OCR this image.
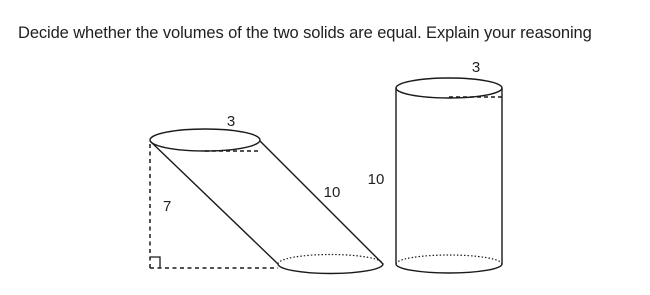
Decide whether the volumes of the two solids are equal. Explain your reasoning
3
10
7
3
10
